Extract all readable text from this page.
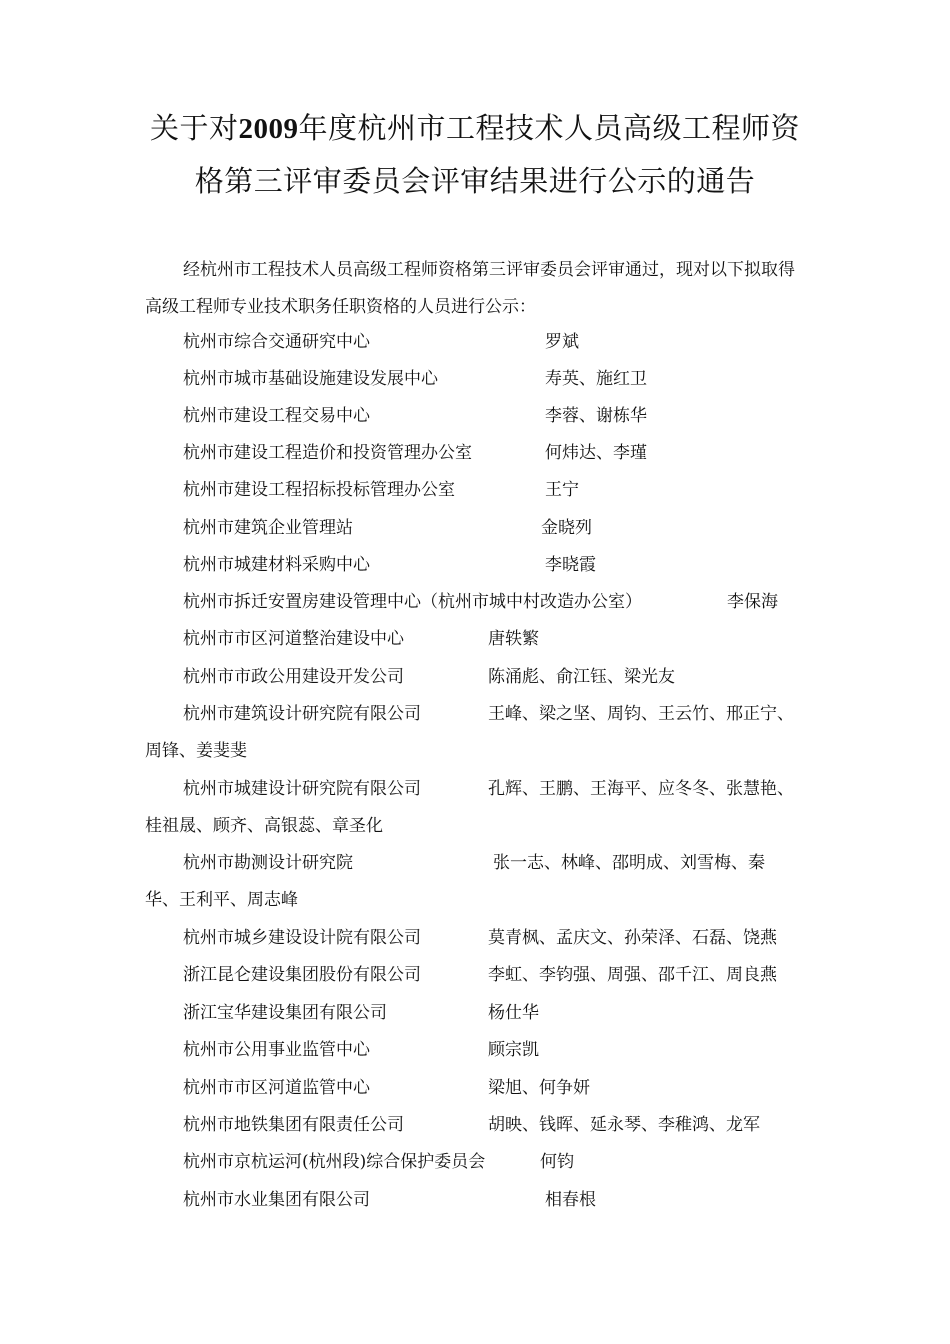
关于对2009年度杭州市工程技术人员高级工程师资
格第三评审委员会评审结果进行公示的通告

经杭州市工程技术人员高级工程师资格第三评审委员会评审通过，现对以下拟取得高级工程师专业技术职务任职资格的人员进行公示：

杭州市综合交通研究中心	罗斌
杭州市城市基础设施建设发展中心	寿英、施红卫
杭州市建设工程交易中心	李蓉、谢栋华
杭州市建设工程造价和投资管理办公室	何炜达、李瑾
杭州市建设工程招标投标管理办公室	王宁
杭州市建筑企业管理站	金晓列
杭州市城建材料采购中心	李晓霞
杭州市拆迁安置房建设管理中心（杭州市城中村改造办公室）	李保海
杭州市市区河道整治建设中心	唐轶繁
杭州市市政公用建设开发公司	陈涌彪、俞江钰、梁光友
杭州市建筑设计研究院有限公司	王峰、梁之坚、周钧、王云竹、邢正宁、
周锋、姜斐斐
杭州市城建设计研究院有限公司	孔辉、王鹏、王海平、应冬冬、张慧艳、
桂祖晟、顾齐、高银蕊、章圣化
杭州市勘测设计研究院	张一志、林峰、邵明成、刘雪梅、秦
华、王利平、周志峰
杭州市城乡建设设计院有限公司	莫青枫、孟庆文、孙荣泽、石磊、饶燕
浙江昆仑建设集团股份有限公司	李虹、李钧强、周强、邵千江、周良燕
浙江宝华建设集团有限公司	杨仕华
杭州市公用事业监管中心	顾宗凯
杭州市市区河道监管中心	梁旭、何争妍
杭州市地铁集团有限责任公司	胡映、钱晖、延永琴、李稚鸿、龙军
杭州市京杭运河(杭州段)综合保护委员会	何钧
杭州市水业集团有限公司	相春根
